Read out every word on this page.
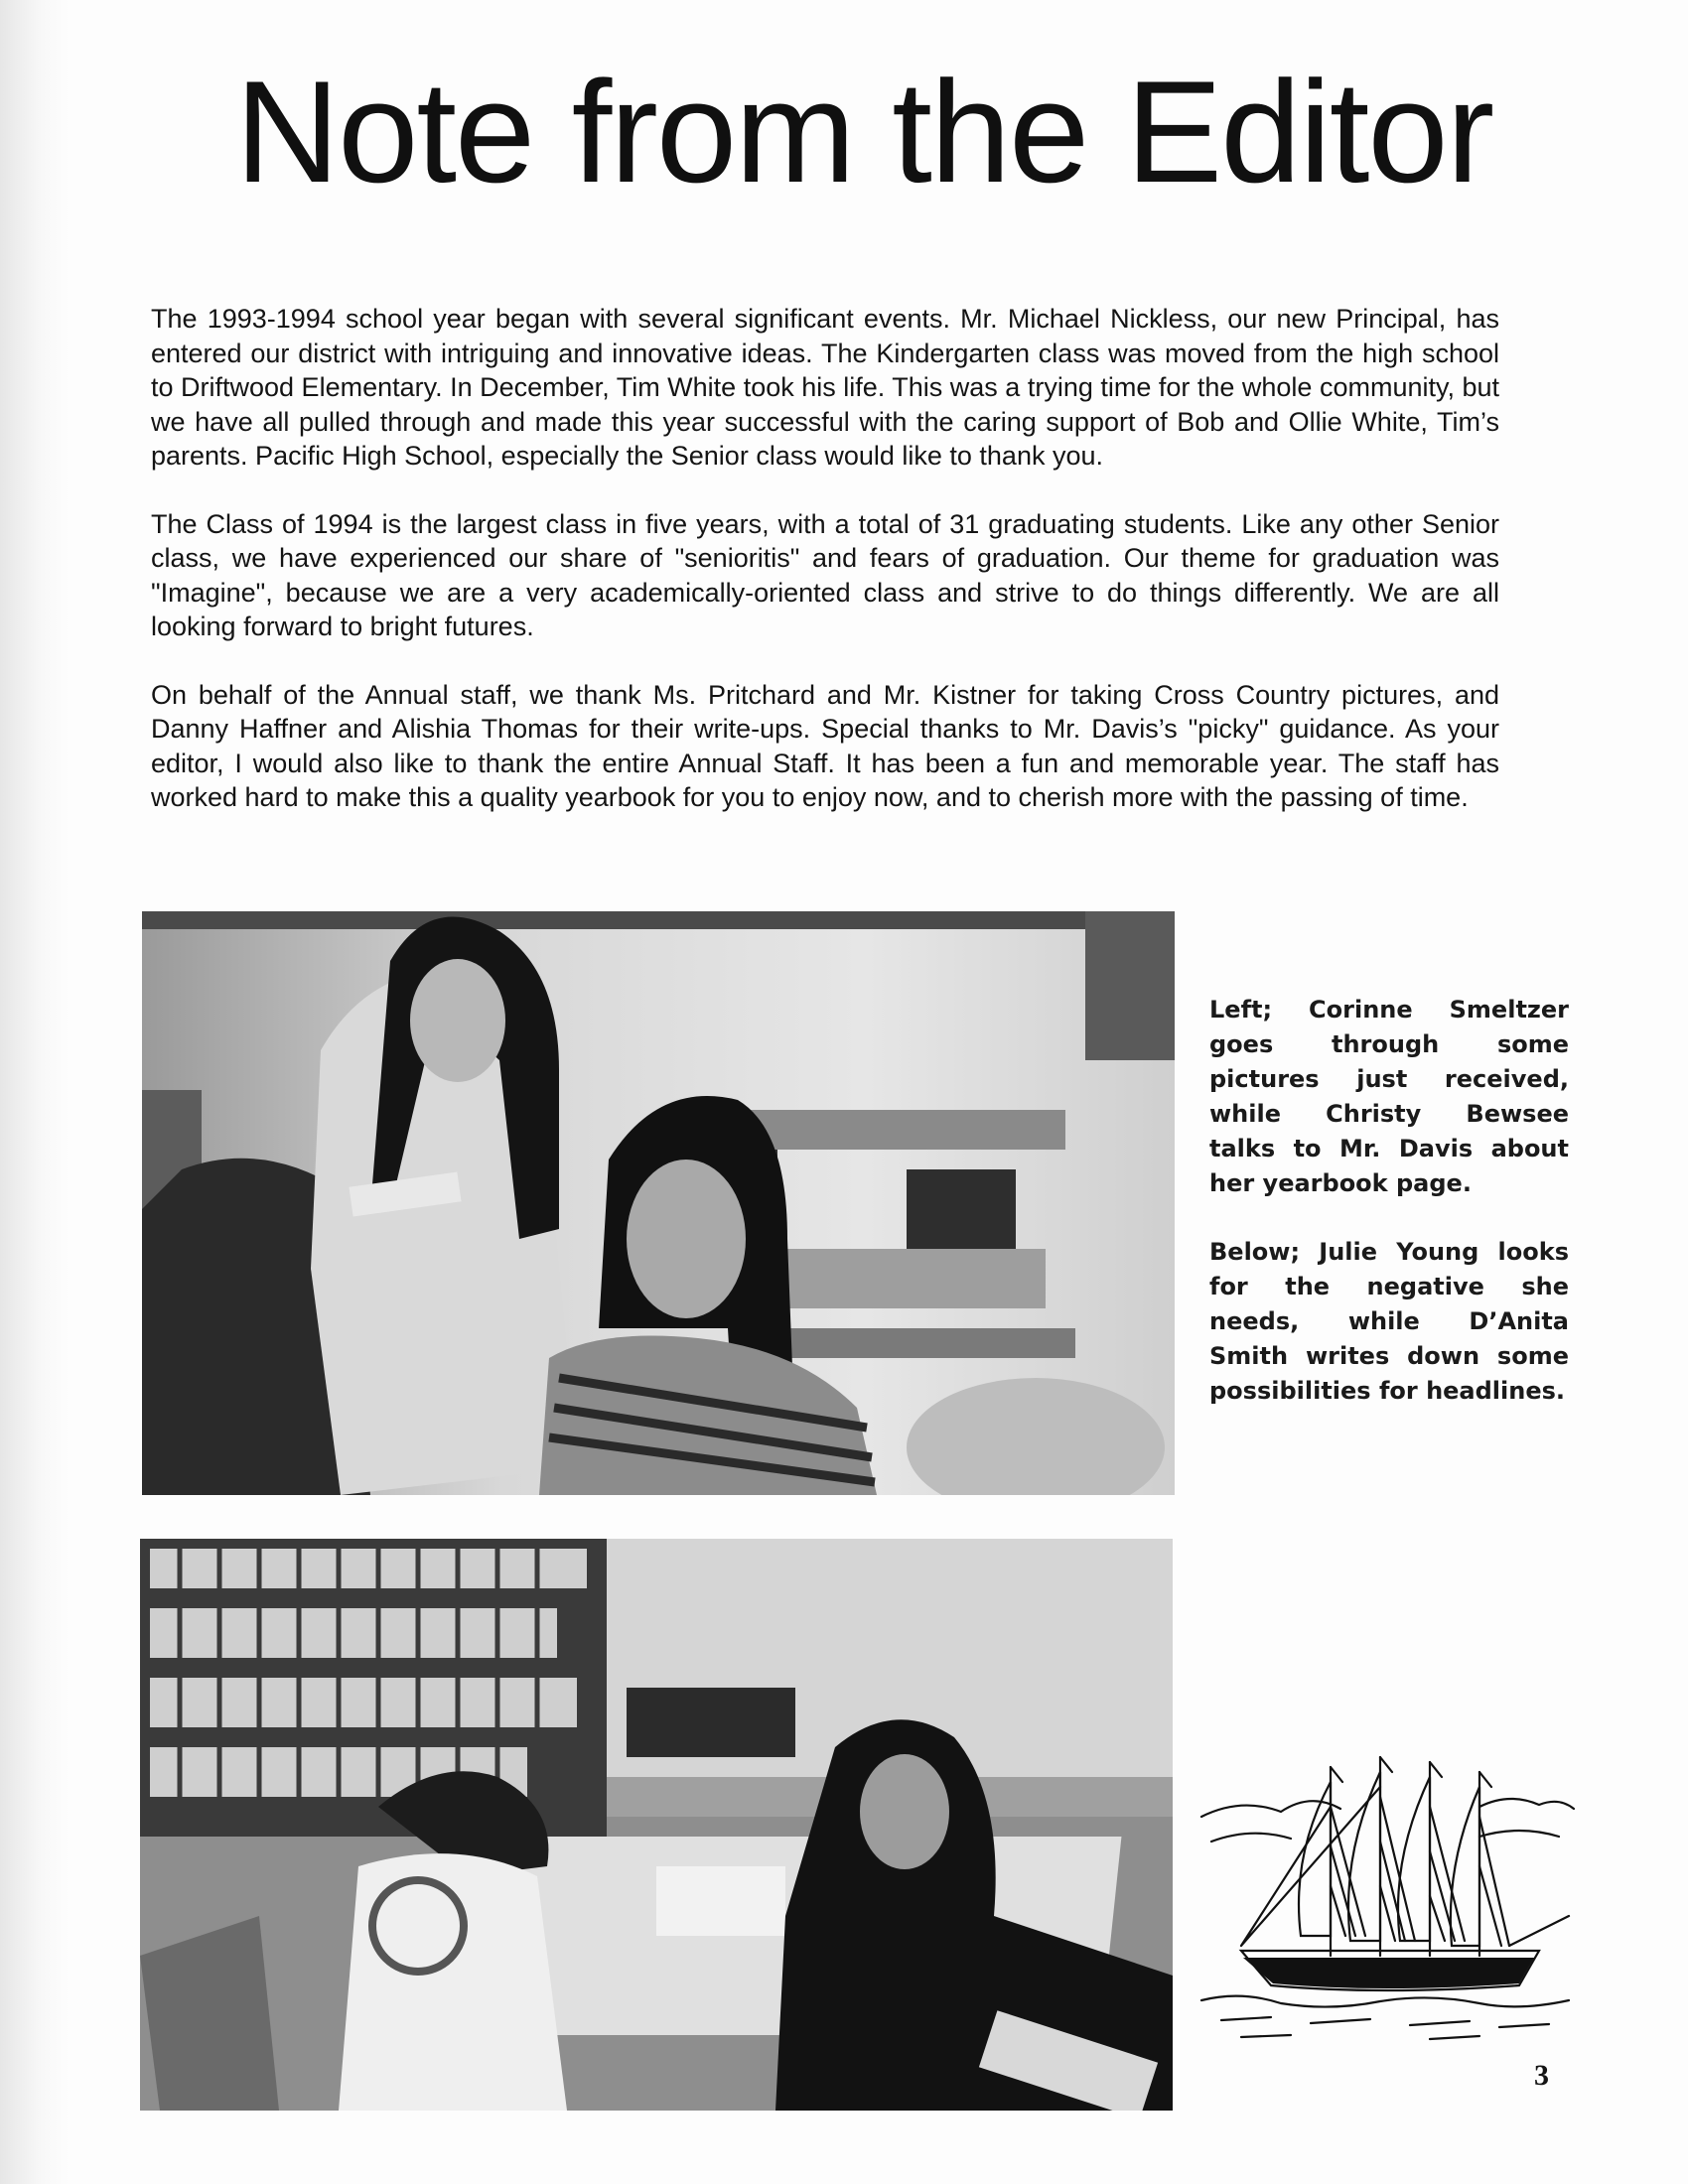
Note from the Editor

The 1993-1994 school year began with several significant events. Mr. Michael Nickless, our new Principal, has entered our district with intriguing and innovative ideas. The Kindergarten class was moved from the high school to Driftwood Elementary. In December, Tim White took his life. This was a trying time for the whole community, but we have all pulled through and made this year successful with the caring support of Bob and Ollie White, Tim’s parents. Pacific High School, especially the Senior class would like to thank you.

The Class of 1994 is the largest class in five years, with a total of 31 graduating students. Like any other Senior class, we have experienced our share of "senioritis" and fears of graduation. Our theme for graduation was "Imagine", because we are a very academically-oriented class and strive to do things differently. We are all looking forward to bright futures.

On behalf of the Annual staff, we thank Ms. Pritchard and Mr. Kistner for taking Cross Country pictures, and Danny Haffner and Alishia Thomas for their write-ups. Special thanks to Mr. Davis’s "picky" guidance. As your editor, I would also like to thank the entire Annual Staff. It has been a fun and memorable year. The staff has worked hard to make this a quality yearbook for you to enjoy now, and to cherish more with the passing of time.

Left; Corinne Smeltzer goes through some pictures just received, while Christy Bewsee talks to Mr. Davis about her yearbook page.

Below; Julie Young looks for the negative she needs, while D’Anita Smith writes down some possibilities for headlines.

3
